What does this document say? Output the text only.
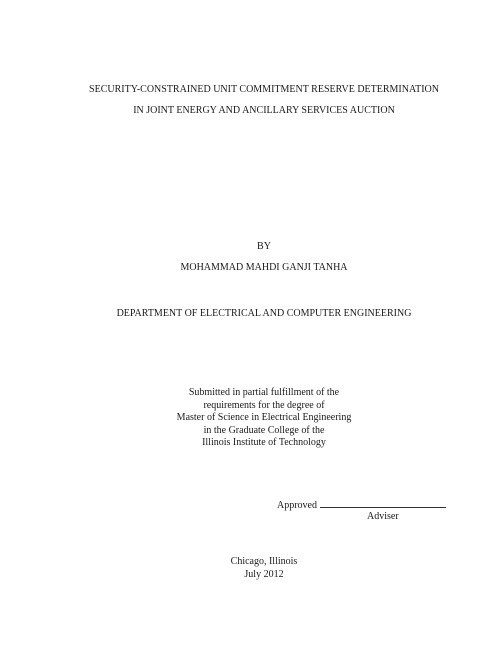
SECURITY-CONSTRAINED UNIT COMMITMENT RESERVE DETERMINATION
IN JOINT ENERGY AND ANCILLARY SERVICES AUCTION
BY
MOHAMMAD MAHDI GANJI TANHA
DEPARTMENT OF ELECTRICAL AND COMPUTER ENGINEERING
Submitted in partial fulfillment of the
requirements for the degree of
Master of Science in Electrical Engineering
in the Graduate College of the
Illinois Institute of Technology
Approved
Adviser
Chicago, Illinois
July 2012
